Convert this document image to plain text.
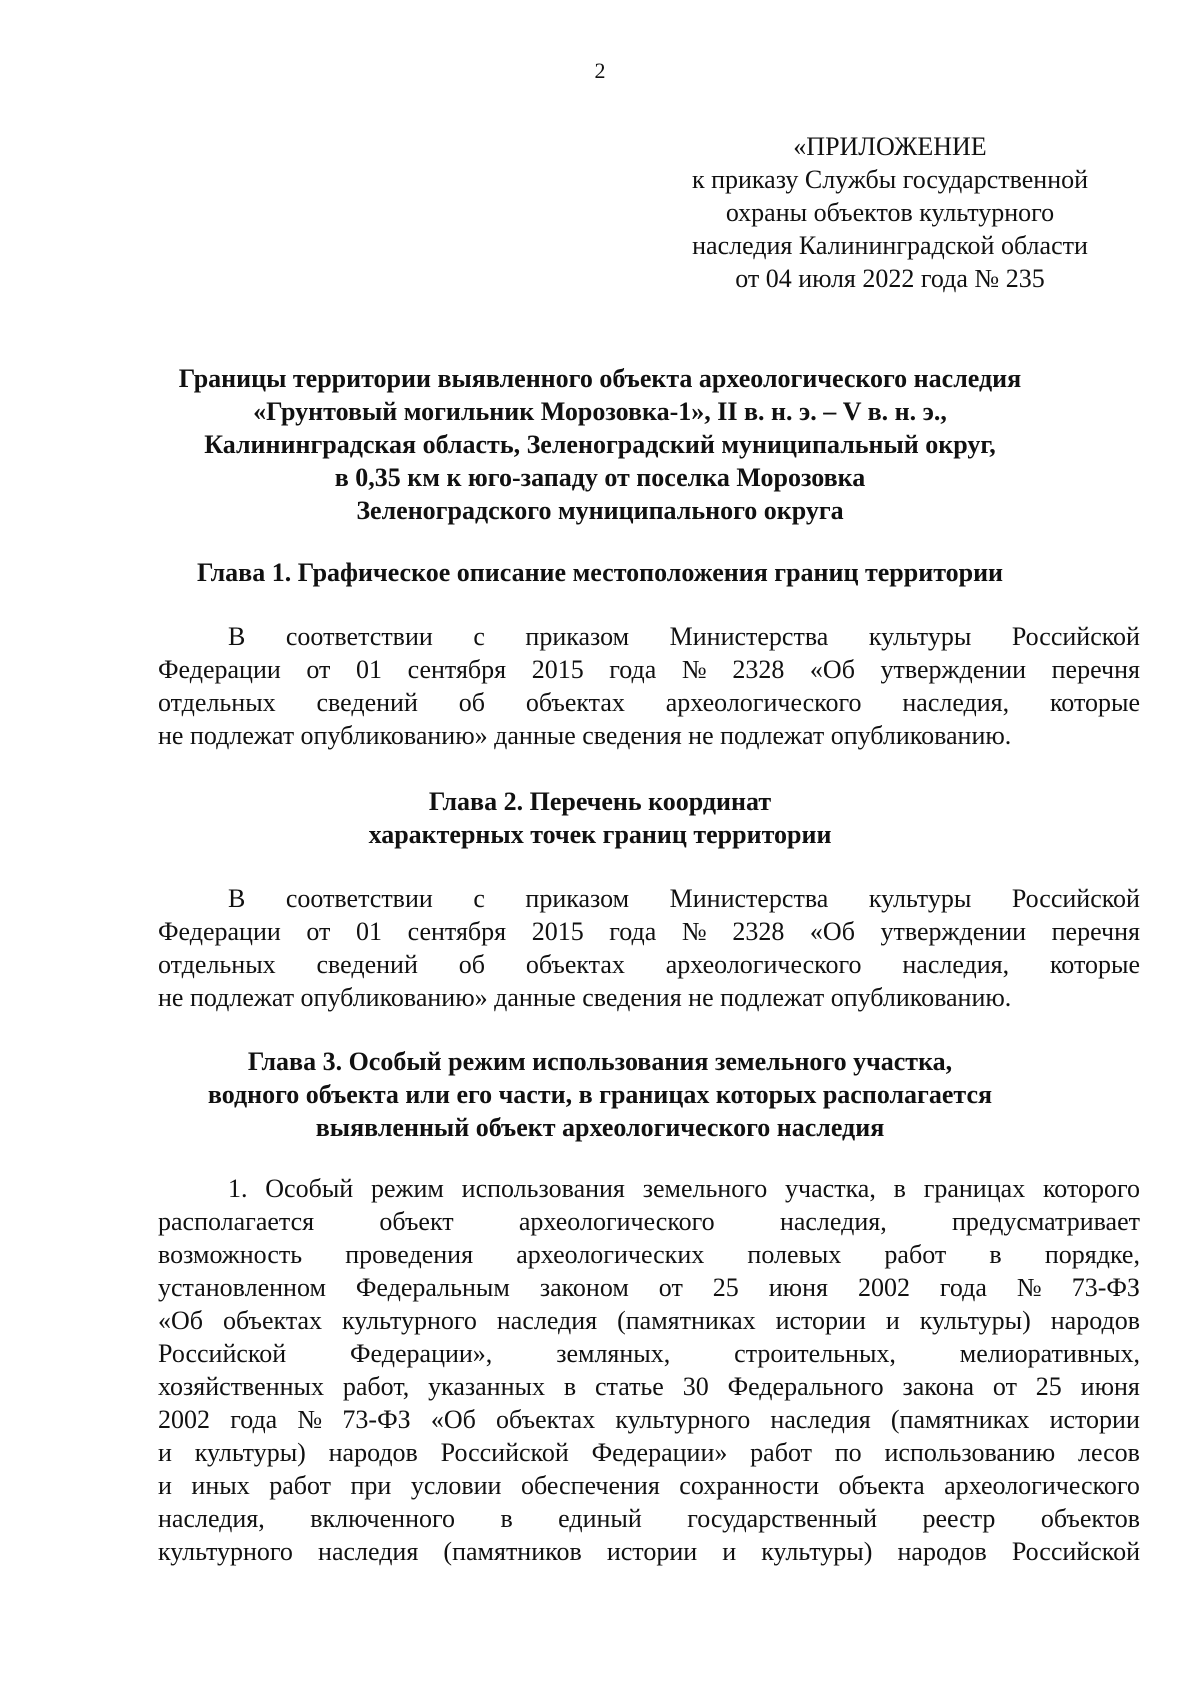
2
«ПРИЛОЖЕНИЕ
к приказу Службы государственной
охраны объектов культурного
наследия Калининградской области
от 04 июля 2022 года № 235
Границы территории выявленного объекта археологического наследия
«Грунтовый могильник Морозовка-1», II в. н. э. – V в. н. э.,
Калининградская область, Зеленоградский муниципальный округ,
в 0,35 км к юго-западу от поселка Морозовка
Зеленоградского муниципального округа
Глава 1. Графическое описание местоположения границ территории
В соответствии с приказом Министерства культуры Российской
Федерации от 01 сентября 2015 года № 2328 «Об утверждении перечня
отдельных сведений об объектах археологического наследия, которые
не подлежат опубликованию» данные сведения не подлежат опубликованию.
Глава 2. Перечень координат
характерных точек границ территории
В соответствии с приказом Министерства культуры Российской
Федерации от 01 сентября 2015 года № 2328 «Об утверждении перечня
отдельных сведений об объектах археологического наследия, которые
не подлежат опубликованию» данные сведения не подлежат опубликованию.
Глава 3. Особый режим использования земельного участка,
водного объекта или его части, в границах которых располагается
выявленный объект археологического наследия
1. Особый режим использования земельного участка, в границах которого
располагается	объект	археологического	наследия,	предусматривает
возможность проведения археологических полевых работ в порядке,
установленном Федеральным законом от 25 июня 2002 года № 73-ФЗ
«Об объектах культурного наследия (памятниках истории и культуры) народов
Российской Федерации», земляных, строительных, мелиоративных,
хозяйственных работ, указанных в статье 30 Федерального закона от 25 июня
2002 года № 73-ФЗ «Об объектах культурного наследия (памятниках истории
и культуры) народов Российской Федерации» работ по использованию лесов
и иных работ при условии обеспечения сохранности объекта археологического
наследия, включенного в единый государственный реестр объектов
культурного наследия (памятников истории и культуры) народов Российской
